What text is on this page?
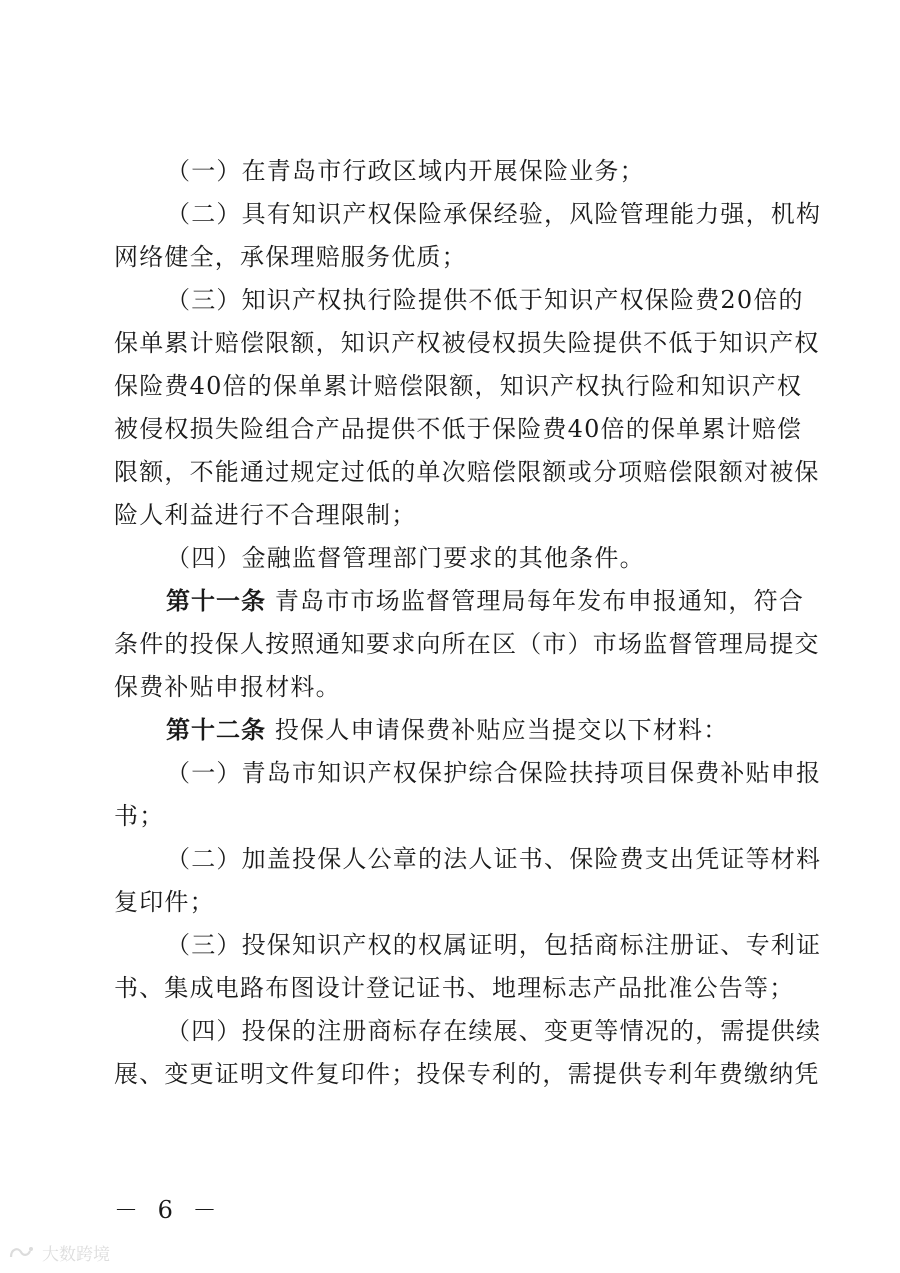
（一）在青岛市行政区域内开展保险业务；
（二）具有知识产权保险承保经验，风险管理能力强，机构
网络健全，承保理赔服务优质；
（三）知识产权执行险提供不低于知识产权保险费20倍的
保单累计赔偿限额，知识产权被侵权损失险提供不低于知识产权
保险费40倍的保单累计赔偿限额，知识产权执行险和知识产权
被侵权损失险组合产品提供不低于保险费40倍的保单累计赔偿
限额，不能通过规定过低的单次赔偿限额或分项赔偿限额对被保
险人利益进行不合理限制；
（四）金融监督管理部门要求的其他条件。
第十一条 青岛市市场监督管理局每年发布申报通知，符合
条件的投保人按照通知要求向所在区（市）市场监督管理局提交
保费补贴申报材料。
第十二条 投保人申请保费补贴应当提交以下材料：
（一）青岛市知识产权保护综合保险扶持项目保费补贴申报
书；
（二）加盖投保人公章的法人证书、保险费支出凭证等材料
复印件；
（三）投保知识产权的权属证明，包括商标注册证、专利证
书、集成电路布图设计登记证书、地理标志产品批准公告等；
（四）投保的注册商标存在续展、变更等情况的，需提供续
展、变更证明文件复印件；投保专利的，需提供专利年费缴纳凭
－ 6 －
大数跨境
